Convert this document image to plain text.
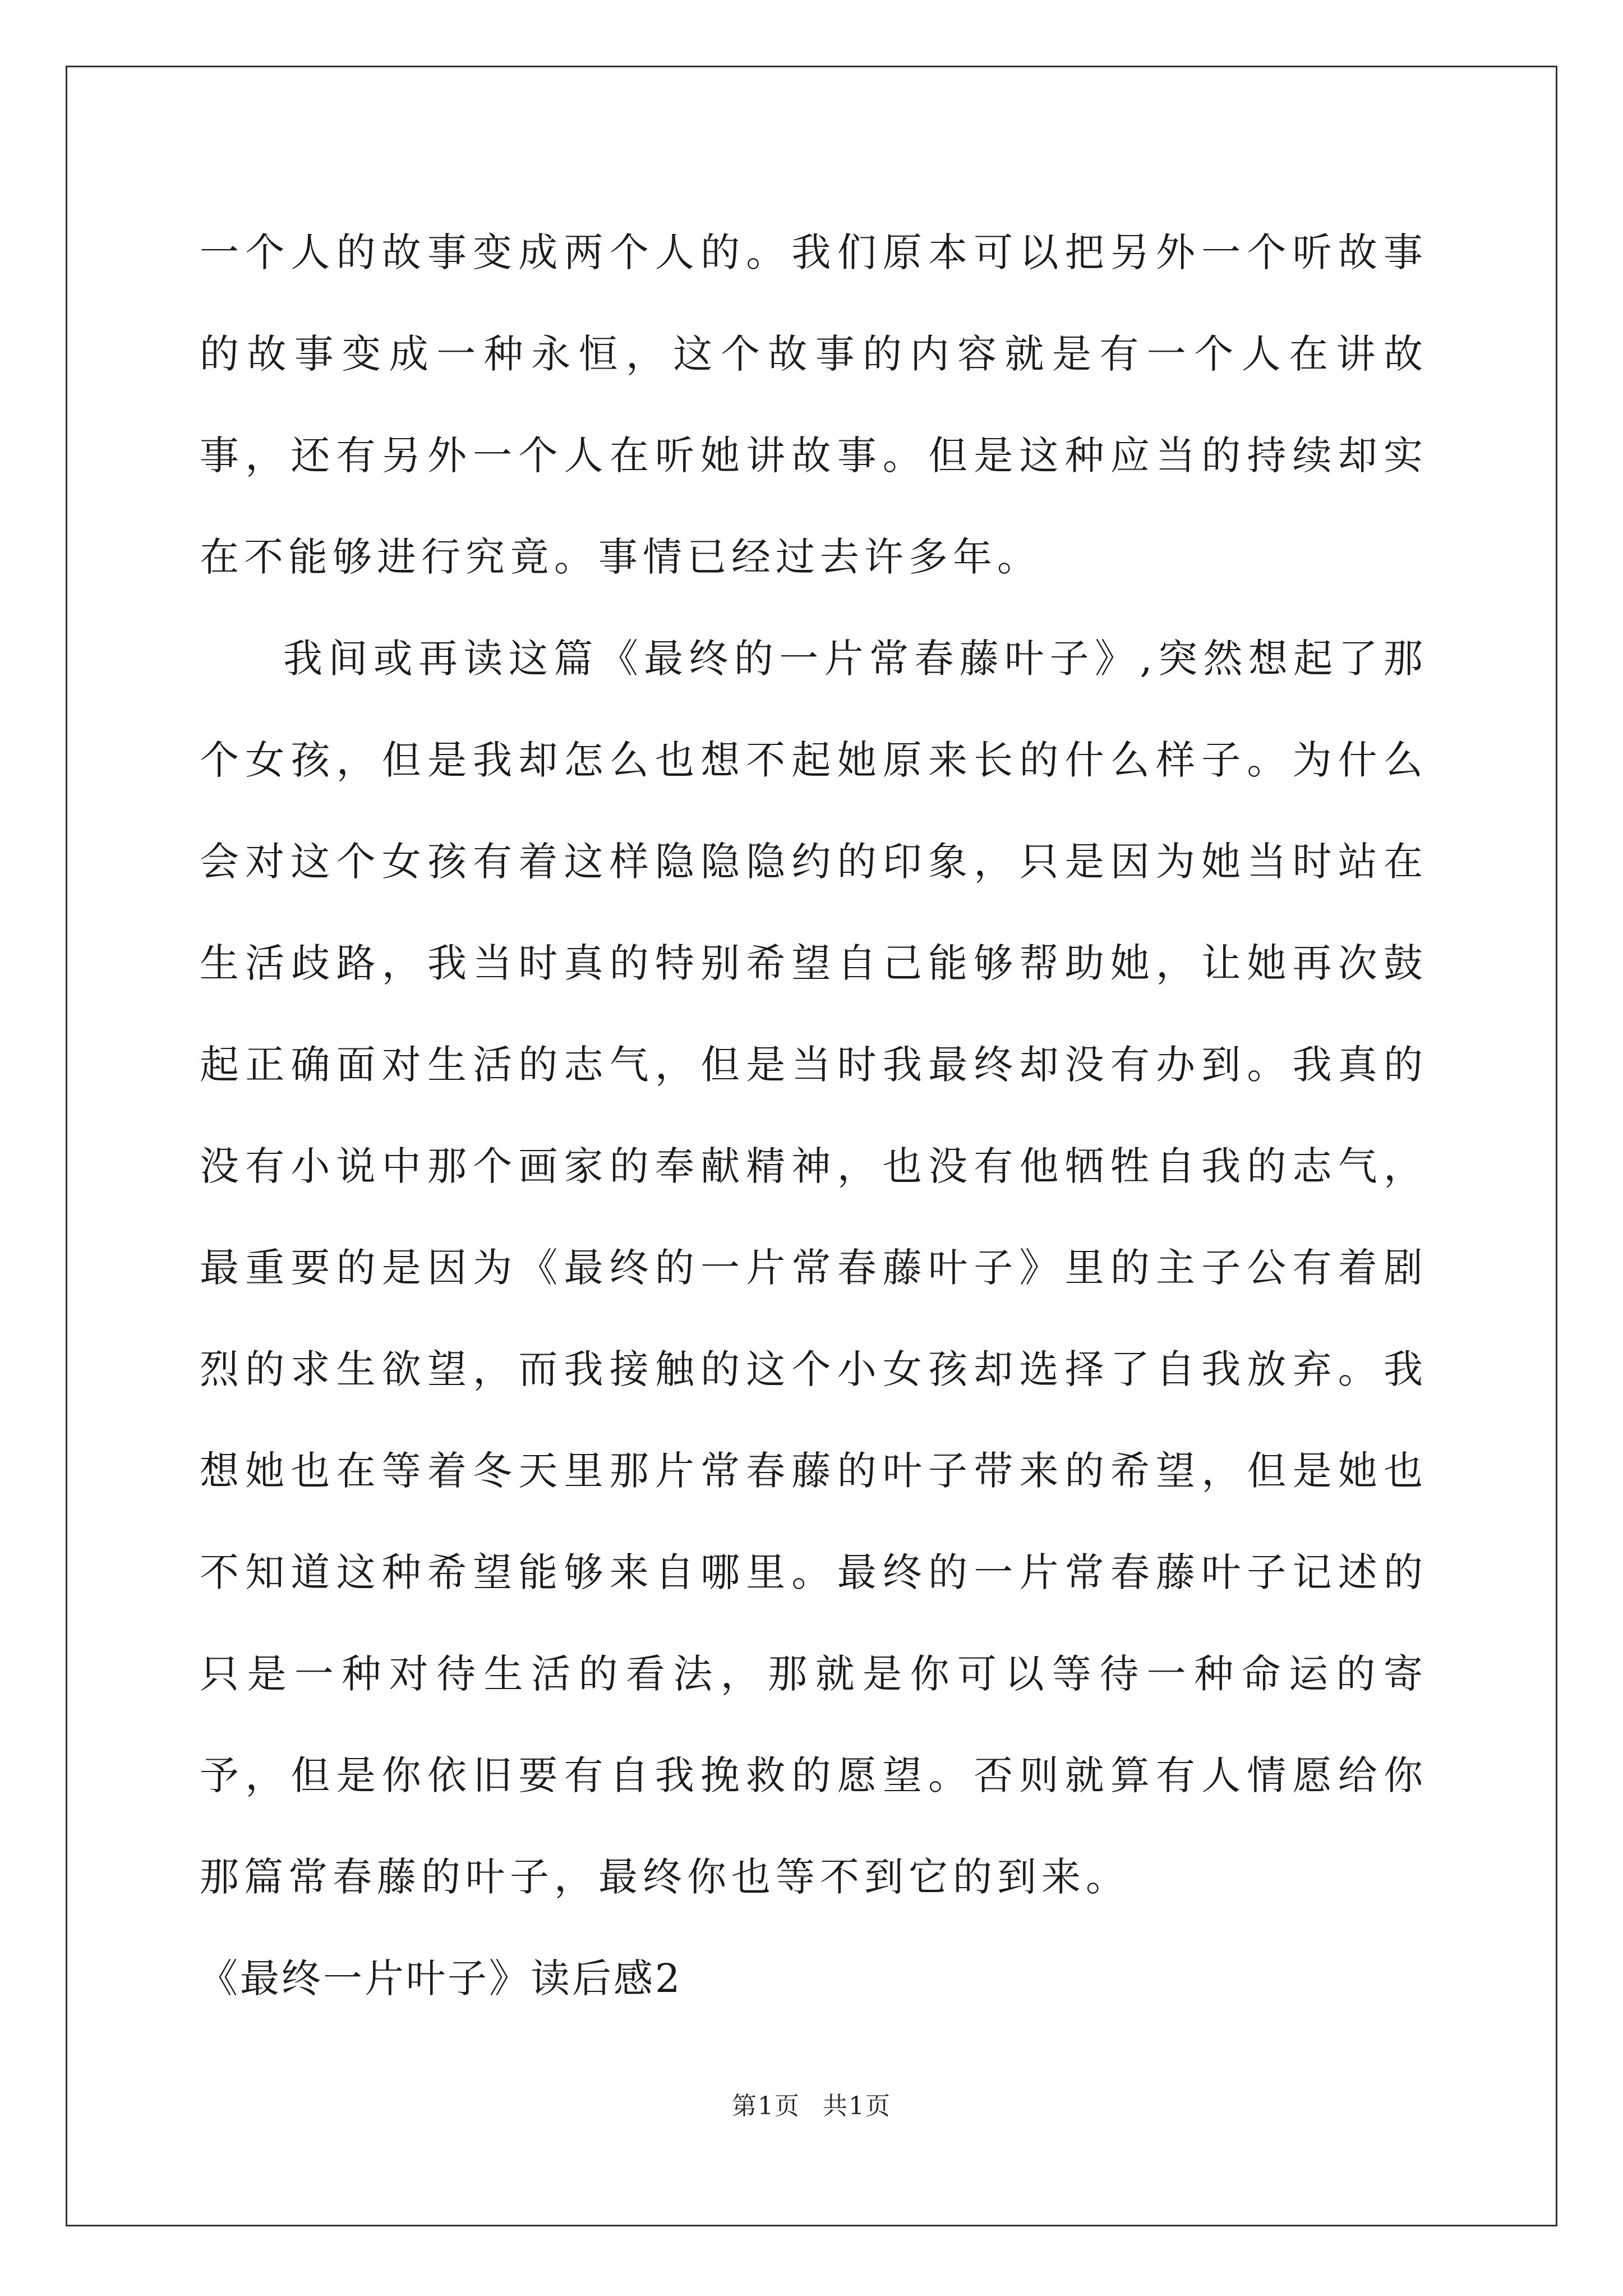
一个人的故事变成两个人的。我们原本可以把另外一个听故事的故事变成一种永恒，这个故事的内容就是有一个人在讲故事，还有另外一个人在听她讲故事。但是这种应当的持续却实在不能够进行究竟。事情已经过去许多年。

我间或再读这篇《最终的一片常春藤叶子》,突然想起了那个女孩，但是我却怎么也想不起她原来长的什么样子。为什么会对这个女孩有着这样隐隐隐约的印象，只是因为她当时站在生活歧路，我当时真的特别希望自己能够帮助她，让她再次鼓起正确面对生活的志气，但是当时我最终却没有办到。我真的没有小说中那个画家的奉献精神，也没有他牺牲自我的志气，最重要的是因为《最终的一片常春藤叶子》里的主子公有着剧烈的求生欲望，而我接触的这个小女孩却选择了自我放弃。我想她也在等着冬天里那片常春藤的叶子带来的希望，但是她也不知道这种希望能够来自哪里。最终的一片常春藤叶子记述的只是一种对待生活的看法，那就是你可以等待一种命运的寄予，但是你依旧要有自我挽救的愿望。否则就算有人情愿给你那篇常春藤的叶子，最终你也等不到它的到来。

《最终一片叶子》读后感2

第1页 共1页
